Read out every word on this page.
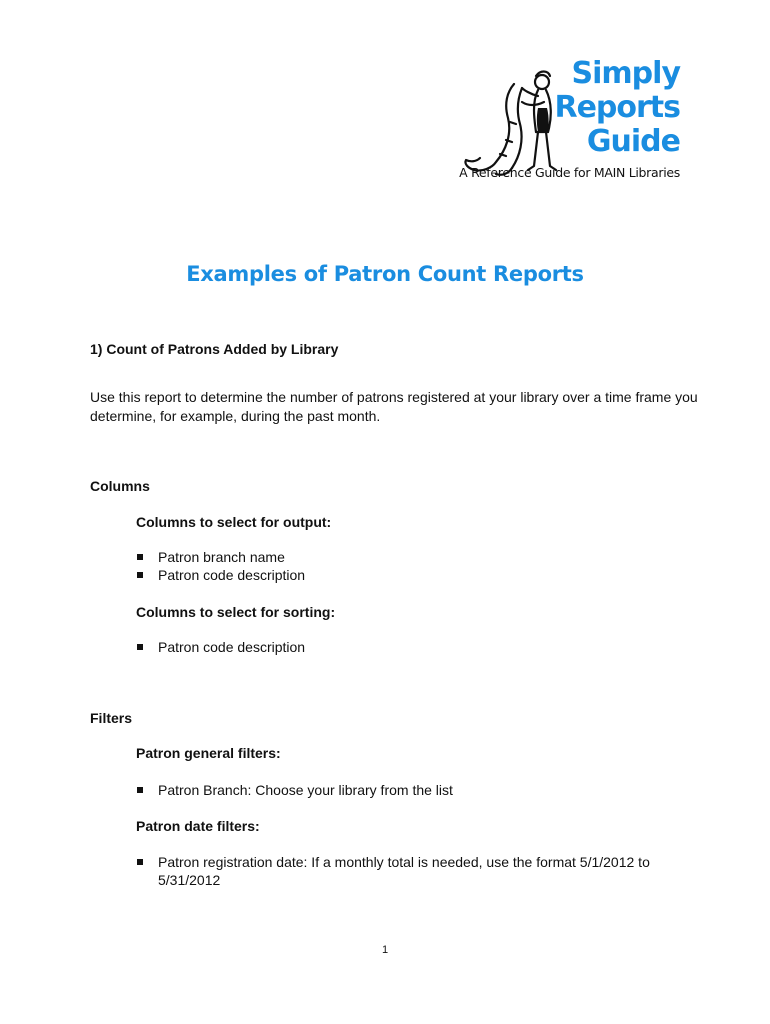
Simply
Reports
Guide
A Reference Guide for MAIN Libraries
Examples of Patron Count Reports
1) Count of Patrons Added by Library
Use this report to determine the number of patrons registered at your library over a time frame you determine, for example, during the past month.
Columns
Columns to select for output:
Patron branch name
Patron code description
Columns to select for sorting:
Patron code description
Filters
Patron general filters:
Patron Branch: Choose your library from the list
Patron date filters:
Patron registration date: If a monthly total is needed, use the format 5/1/2012 to 5/31/2012
1
